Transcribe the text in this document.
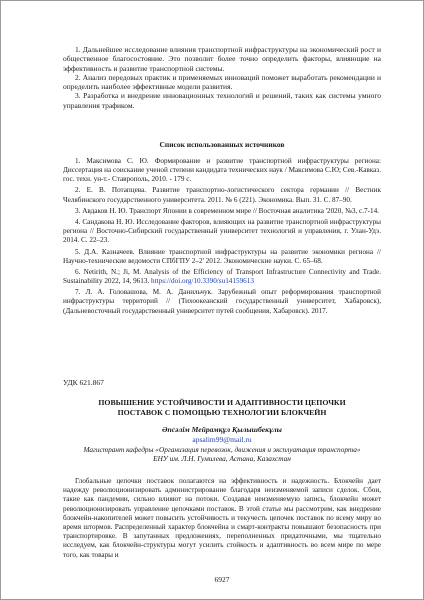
1. Дальнейшее исследование влияния транспортной инфраструктуры на экономический рост и общественное благосостояние. Это позволит более точно определить факторы, влияющие на эффективность и развитие транспортной системы.

2. Анализ передовых практик и применяемых инноваций поможет выработать рекомендации и определить наиболее эффективные модели развития.

3. Разработка и внедрение инновационных технологий и решений, таких как системы умного управления трафиком.

Список использованных источников

1. Максимова С. Ю. Формирование и развитие транспортной инфраструктуры региона: Диссертация на соискание ученой степени кандидата технических наук / Максимова С.Ю; Сев.-Кавказ. гос. техн. ун-т.- Ставрополь, 2010. - 179 с.

2. Е. В. Потапцева. Развитие транспортно-логистического сектора германии // Вестник Челябинского государственного университета. 2011. № 6 (221). Экономика. Вып. 31. С. 87–90.

3. Авдаков Н. Ю. Транспорт Японии в современном мире // Восточная аналитика '2020, №3, с.7-14.

4. Сандакова Н. Ю. Исследование факторов, влияющих на развитие транспортной инфраструктуры региона // Восточно-Сибирский государственный университет технологий и управления, г. Улан-Удэ. 2014. С. 22–23.

5. Д.А. Казначеев. Влияние транспортной инфраструктуры на развитие экономики региона // Научно-технические ведомости СПбГПУ 2–2' 2012. Экономические науки. С. 65–68.

6. Netirith, N.; Ji, M. Analysis of the Efficiency of Transport Infrastructure Connectivity and Trade. Sustainability 2022, 14, 9613. https://doi.org/10.3390/su14159613

7. Л. А. Головашова, М. А. Данильчук. Зарубежный опыт реформирования транспортной инфраструктуры территорий // (Тихоокеанский государственный университет, Хабаровск), (Дальневосточный государственный университет путей сообщения, Хабаровск). 2017.

УДК 621.867
ПОВЫШЕНИЕ УСТОЙЧИВОСТИ И АДАПТИВНОСТИ ЦЕПОЧКИ
ПОСТАВОК С ПОМОЩЬЮ ТЕХНОЛОГИИ БЛОКЧЕЙН
Әпсәлім Мейрамқұл Қылышбекұлы
apsalim99@mail.ru
Магистрант кафедры «Организация перевозок, движения и эксплуатация транспорта»
ЕНУ им. Л.Н. Гумилева, Астана, Казахстан

Глобальные цепочки поставок полагаются на эффективность и надежность. Блокчейн дает надежду революционизировать администрирование благодаря неизменяемой записи сделок. Сбои, такие как пандемии, сильно влияют на потоки. Создавая неизменяемую запись, блокчейн может революционизировать управление цепочками поставок. В этой статье мы рассмотрим, как внедрение блокчейн-накопителей может повысить устойчивость и текучесть цепочек поставок по всему миру во время штормов. Распределенный характер блокчейна и смарт-контракты повышают безопасность при транспортировке. В запутанных предложениях, переполненных придаточными, мы тщательно исследуем, как блокчейн-структуры могут усилить стойкость и адаптивность во всем мире по мере того, как товары и

6927
